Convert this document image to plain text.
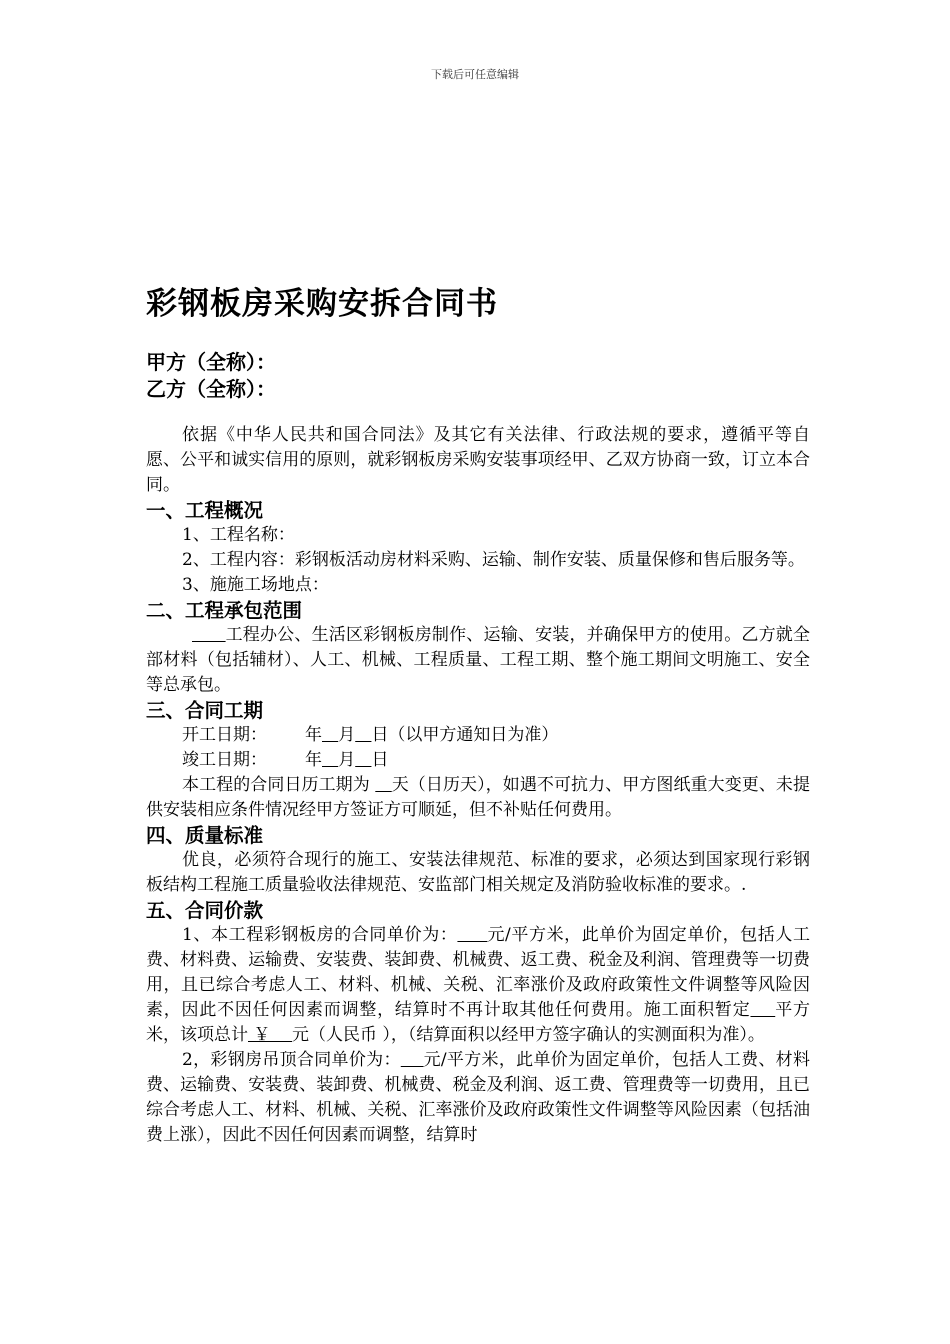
下载后可任意编辑
彩钢板房采购安拆合同书
甲方（全称）：
乙方（全称）：

依据《中华人民共和国合同法》及其它有关法律、行政法规的要求，遵循平等自愿、公平和诚实信用的原则，就彩钢板房采购安装事项经甲、乙双方协商一致，订立本合同。

一、工程概况

1、工程名称：

2、工程内容：彩钢板活动房材料采购、运输、制作安装、质量保修和售后服务等。

3、施施工场地点：

二、工程承包范围

工程办公、生活区彩钢板房制作、运输、安装，并确保甲方的使用。乙方就全部材料（包括辅材）、人工、机械、工程质量、工程工期、整个施工期间文明施工、安全等总承包。

三、合同工期

开工日期： 年 月 日（以甲方通知日为准）

竣工日期： 年 月 日

本工程的合同日历工期为    天（日历天），如遇不可抗力、甲方图纸重大变更、未提供安装相应条件情况经甲方签证方可顺延，但不补贴任何费用。

四、质量标准

优良，必须符合现行的施工、安装法律规范、标准的要求，必须达到国家现行彩钢板结构工程施工质量验收法律规范、安监部门相关规定及消防验收标准的要求。.

五、合同价款

1、本工程彩钢板房的合同单价为： 元/平方米，此单价为固定单价，包括人工费、材料费、运输费、安装费、装卸费、机械费、返工费、税金及利润、管理费等一切费用，且已综合考虑人工、材料、机械、关税、汇率涨价及政府政策性文件调整等风险因素，因此不因任何因素而调整，结算时不再计取其他任何费用。施工面积暂定 平方米，该项总计 ￥    元（人民币 ），（结算面积以经甲方签字确认的实测面积为准）。

2，彩钢房吊顶合同单价为： 元/平方米，此单价为固定单价，包括人工费、材料费、运输费、安装费、装卸费、机械费、税金及利润、返工费、管理费等一切费用，且已综合考虑人工、材料、机械、关税、汇率涨价及政府政策性文件调整等风险因素（包括油费上涨），因此不因任何因素而调整，结算时
